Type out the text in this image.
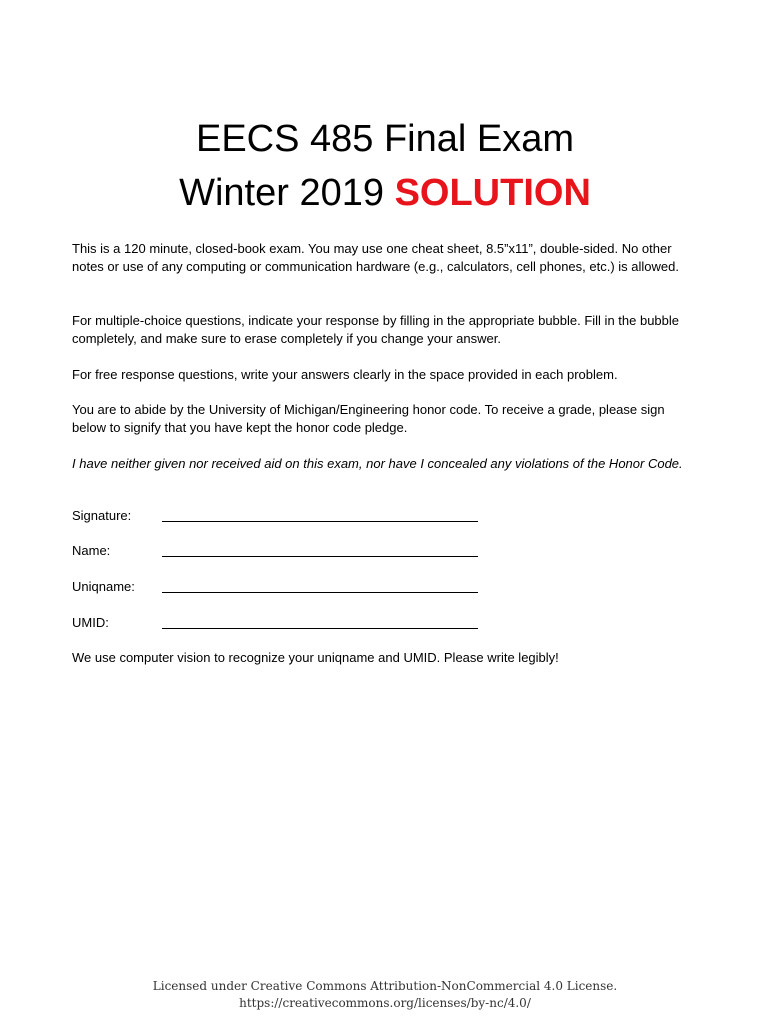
EECS 485 Final Exam
Winter 2019 SOLUTION
This is a 120 minute, closed-book exam. You may use one cheat sheet, 8.5”x11”, double-sided. No other notes or use of any computing or communication hardware (e.g., calculators, cell phones, etc.) is allowed.
For multiple-choice questions, indicate your response by filling in the appropriate bubble. Fill in the bubble completely, and make sure to erase completely if you change your answer.
For free response questions, write your answers clearly in the space provided in each problem.
You are to abide by the University of Michigan/Engineering honor code. To receive a grade, please sign below to signify that you have kept the honor code pledge.
I have neither given nor received aid on this exam, nor have I concealed any violations of the Honor Code.
Signature:
Name:
Uniqname:
UMID:
We use computer vision to recognize your uniqname and UMID. Please write legibly!
Licensed under Creative Commons Attribution-NonCommercial 4.0 License.
https://creativecommons.org/licenses/by-nc/4.0/
